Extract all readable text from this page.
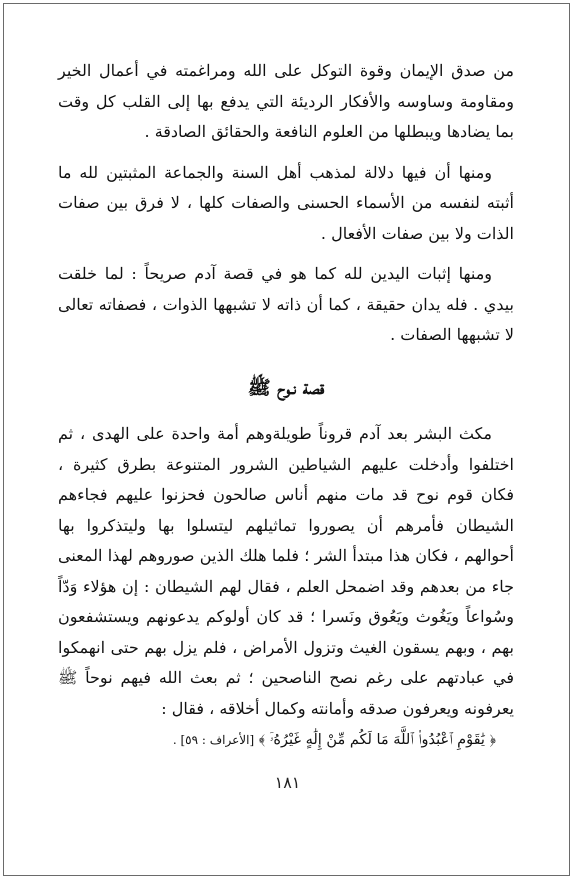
من صدق الإيمان وقوة التوكل على الله ومراغمته في أعمال الخير ومقاومة وساوسه والأفكار الرديئة التي يدفع بها إلى القلب كل وقت بما يضادها ويبطلها من العلوم النافعة والحقائق الصادقة .

ومنها أن فيها دلالة لمذهب أهل السنة والجماعة المثبتين لله ما أثبته لنفسه من الأسماء الحسنى والصفات كلها ، لا فرق بين صفات الذات ولا بين صفات الأفعال .

ومنها إثبات اليدين لله كما هو في قصة آدم صريحاً : لما خلقت بيدي . فله يدان حقيقة ، كما أن ذاته لا تشبهها الذوات ، فصفاته تعالى لا تشبهها الصفات .

قصة نـوح ﷺ

مكث البشر بعد آدم قروناً طويلةوهم أمة واحدة على الهدى ، ثم اختلفوا وأدخلت عليهم الشياطين الشرور المتنوعة بطرق كثيرة ، فكان قوم نوح قد مات منهم أناس صالحون فحزنوا عليهم فجاءهم الشيطان فأمرهم أن يصوروا تماثيلهم ليتسلوا بها وليتذكروا بها أحوالهم ، فكان هذا مبتدأ الشر ؛ فلما هلك الذين صوروهم لهذا المعنى جاء من بعدهم وقد اضمحل العلم ، فقال لهم الشيطان : إن هؤلاء وَدّاً وسُواعاً ويَغُوث ويَعُوق ونَسرا ؛ قد كان أولوكم يدعونهم ويستشفعون بهم ، وبهم يسقون الغيث وتزول الأمراض ، فلم يزل بهم حتى انهمكوا في عبادتهم على رغم نصح الناصحين ؛ ثم بعث الله فيهم نوحاً ﷺ يعرفونه ويعرفون صدقه وأمانته وكمال أخلاقه ، فقال :

﴿ يَٰقَوْمِ ٱعْبُدُوا۟ ٱللَّهَ مَا لَكُم مِّنْ إِلَٰهٍ غَيْرُهُۥٓ ﴾ [الأعراف : ٥٩] .

١٨١
